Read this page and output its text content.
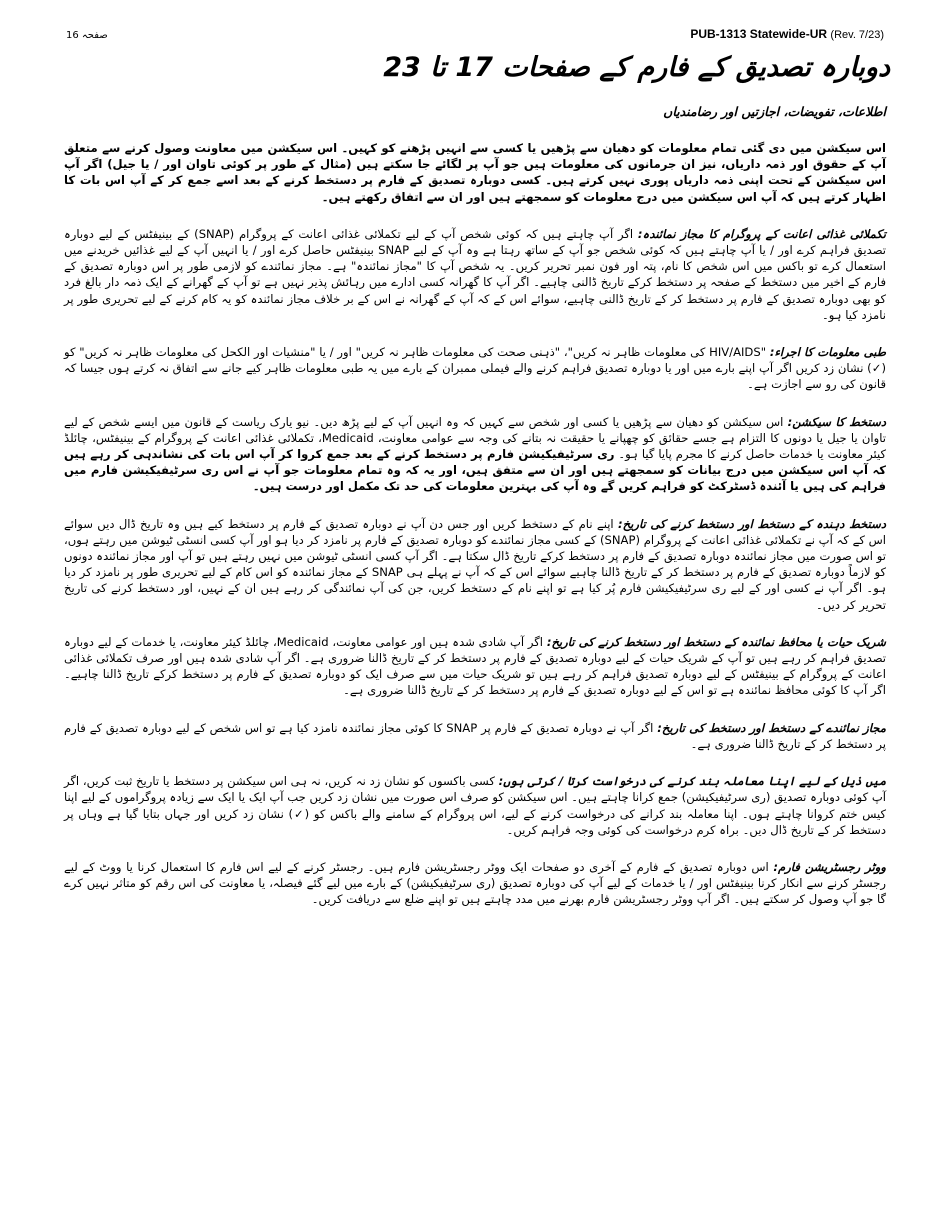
صفحہ 16	PUB-1313 Statewide-UR (Rev. 7/23)
دوبارہ تصدیق کے فارم کے صفحات 17 تا 23
اطلاعات، تفویضات، اجازتیں اور رضامندیاں

اس سیکشن میں دی گئی تمام معلومات کو دھیان سے پڑھیں یا کسی سے انہیں پڑھنے کو کہیں۔ اس سیکشن میں معاونت وصول کرنے سے متعلق آپ کے حقوق اور ذمہ داریاں، نیز ان جرمانوں کی معلومات ہیں جو آپ پر لگائے جا سکتے ہیں (مثال کے طور پر کوئی تاوان اور / یا جیل) اگر آپ اس سیکشن کے تحت اپنی ذمہ داریاں پوری نہیں کرتے ہیں۔ کسی دوبارہ تصدیق کے فارم پر دستخط کرنے کے بعد اسے جمع کر کے آپ اس بات کا اظہار کرتے ہیں کہ آپ اس سیکشن میں درج معلومات کو سمجھتے ہیں اور ان سے اتفاق رکھتے ہیں۔

تکملائی غذائی اعانت کے پروگرام کا مجاز نمائندہ: اگر آپ چاہتے ہیں کہ کوئی شخص آپ کے لیے تکملائی غذائی اعانت کے پروگرام (SNAP) کے بینیفٹس کے لیے دوبارہ تصدیق فراہم کرے اور / یا آپ چاہتے ہیں کہ کوئی شخص جو آپ کے ساتھ رہتا ہے وہ آپ کے لیے SNAP بینیفٹس حاصل کرے اور / یا انہیں آپ کے لیے غذائیں خریدنے میں استعمال کرے تو باکس میں اس شخص کا نام، پتہ اور فون نمبر تحریر کریں۔ یہ شخص آپ کا "مجاز نمائندہ" ہے۔ مجاز نمائندے کو لازمی طور پر اس دوبارہ تصدیق کے فارم کے اخیر میں دستخط کے صفحہ پر دستخط کرکے تاریخ ڈالنی چاہیے۔ اگر آپ کا گھرانہ کسی ادارے میں رہائش پذیر نہیں ہے تو آپ کے گھرانے کے ایک ذمہ دار بالغ فرد کو بھی دوبارہ تصدیق کے فارم پر دستخط کر کے تاریخ ڈالنی چاہیے، سوائے اس کے کہ آپ کے گھرانہ نے اس کے بر خلاف مجاز نمائندہ کو یہ کام کرنے کے لیے تحریری طور پر نامزد کیا ہو۔

طبی معلومات کا اجراء: "HIV/AIDS کی معلومات ظاہر نہ کریں"، "ذہنی صحت کی معلومات ظاہر نہ کریں" اور / یا "منشیات اور الکحل کی معلومات ظاہر نہ کریں" کو (✓) نشان زد کریں اگر آپ اپنے بارے میں اور یا دوبارہ تصدیق فراہم کرنے والے فیملی ممبران کے بارے میں یہ طبی معلومات ظاہر کیے جانے سے اتفاق نہ کرتے ہوں جیسا کہ قانون کی رو سے اجازت ہے۔

دستخط کا سیکشن: اس سیکشن کو دھیان سے پڑھیں یا کسی اور شخص سے کہیں کہ وہ انہیں آپ کے لیے پڑھ دیں۔ نیو یارک ریاست کے قانون میں ایسے شخص کے لیے تاوان یا جیل یا دونوں کا التزام ہے جسے حقائق کو چھپانے یا حقیقت نہ بتانے کی وجہ سے عوامی معاونت، Medicaid، تکملائی غذائی اعانت کے پروگرام کے بینیفٹس، چائلڈ کیئر معاونت یا خدمات حاصل کرنے کا مجرم پایا گیا ہو۔ ری سرٹیفیکیشن فارم پر دستخط کرنے کے بعد جمع کروا کر آپ اس بات کی نشاندہی کر رہے ہیں کہ آپ اس سیکشن میں درج بیانات کو سمجھتے ہیں اور ان سے متفق ہیں، اور یہ کہ وہ تمام معلومات جو آپ نے اس ری سرٹیفیکیشن فارم میں فراہم کی ہیں یا آئندہ ڈسٹرکٹ کو فراہم کریں گے وہ آپ کی بہترین معلومات کی حد تک مکمل اور درست ہیں۔

دستخط دہندہ کے دستخط اور دستخط کرنے کی تاریخ: اپنے نام کے دستخط کریں اور جس دن آپ نے دوبارہ تصدیق کے فارم پر دستخط کیے ہیں وہ تاریخ ڈال دیں سوائے اس کے کہ آپ نے تکملائی غذائی اعانت کے پروگرام (SNAP) کے کسی مجاز نمائندے کو دوبارہ تصدیق کے فارم پر نامزد کر دیا ہو اور آپ کسی انسٹی ٹیوشن میں رہتے ہوں، تو اس صورت میں مجاز نمائندہ دوبارہ تصدیق کے فارم پر دستخط کرکے تاریخ ڈال سکتا ہے۔ اگر آپ کسی انسٹی ٹیوشن میں نہیں رہتے ہیں تو آپ اور مجاز نمائندہ دونوں کو لازماً دوبارہ تصدیق کے فارم پر دستخط کر کے تاریخ ڈالنا چاہیے سوائے اس کے کہ آپ نے پہلے ہی SNAP کے مجاز نمائندہ کو اس کام کے لیے تحریری طور پر نامزد کر دیا ہو۔ اگر آپ نے کسی اور کے لیے ری سرٹیفیکیشن فارم پُر کیا ہے تو اپنے نام کے دستخط کریں، جن کی آپ نمائندگی کر رہے ہیں ان کے نہیں، اور دستخط کرنے کی تاریخ تحریر کر دیں۔

شریک حیات یا محافظ نمائندہ کے دستخط اور دستخط کرنے کی تاریخ: اگر آپ شادی شدہ ہیں اور عوامی معاونت، Medicaid، چائلڈ کیئر معاونت، یا خدمات کے لیے دوبارہ تصدیق فراہم کر رہے ہیں تو آپ کے شریک حیات کے لیے دوبارہ تصدیق کے فارم پر دستخط کر کے تاریخ ڈالنا ضروری ہے۔ اگر آپ شادی شدہ ہیں اور صرف تکملائی غذائی اعانت کے پروگرام کے بینیفٹس کے لیے دوبارہ تصدیق فراہم کر رہے ہیں تو شریک حیات میں سے صرف ایک کو دوبارہ تصدیق کے فارم پر دستخط کرکے تاریخ ڈالنا چاہیے۔ اگر آپ کا کوئی محافظ نمائندہ ہے تو اس کے لیے دوبارہ تصدیق کے فارم پر دستخط کر کے تاریخ ڈالنا ضروری ہے۔

مجاز نمائندے کے دستخط اور دستخط کی تاریخ: اگر آپ نے دوبارہ تصدیق کے فارم پر SNAP کا کوئی مجاز نمائندہ نامزد کیا ہے تو اس شخص کے لیے دوبارہ تصدیق کے فارم پر دستخط کر کے تاریخ ڈالنا ضروری ہے۔

میں ذیل کے لیے اپنا معاملہ بند کرنے کی درخواست کرتا / کرتی ہوں: کسی باکسوں کو نشان زد نہ کریں، نہ ہی اس سیکشن پر دستخط یا تاریخ ثبت کریں، اگر آپ کوئی دوبارہ تصدیق (ری سرٹیفیکیشن) جمع کرانا چاہتے ہیں۔ اس سیکشن کو صرف اس صورت میں نشان زد کریں جب آپ ایک یا ایک سے زیادہ پروگراموں کے لیے اپنا کیس ختم کروانا چاہتے ہوں۔ اپنا معاملہ بند کرانے کی درخواست کرنے کے لیے، اس پروگرام کے سامنے والے باکس کو (✓) نشان زد کریں اور جہاں بتایا گیا ہے وہاں پر دستخط کر کے تاریخ ڈال دیں۔ براہ کرم درخواست کی کوئی وجہ فراہم کریں۔

ووٹر رجسٹریشن فارم: اس دوبارہ تصدیق کے فارم کے آخری دو صفحات ایک ووٹر رجسٹریشن فارم ہیں۔ رجسٹر کرنے کے لیے اس فارم کا استعمال کرنا یا ووٹ کے لیے رجسٹر کرنے سے انکار کرنا بینیفٹس اور / یا خدمات کے لیے آپ کی دوبارہ تصدیق (ری سرٹیفیکیشن) کے بارے میں لیے گئے فیصلہ، یا معاونت کی اس رقم کو متاثر نہیں کرے گا جو آپ وصول کر سکتے ہیں۔ اگر آپ ووٹر رجسٹریشن فارم بھرنے میں مدد چاہتے ہیں تو اپنے ضلع سے دریافت کریں۔
